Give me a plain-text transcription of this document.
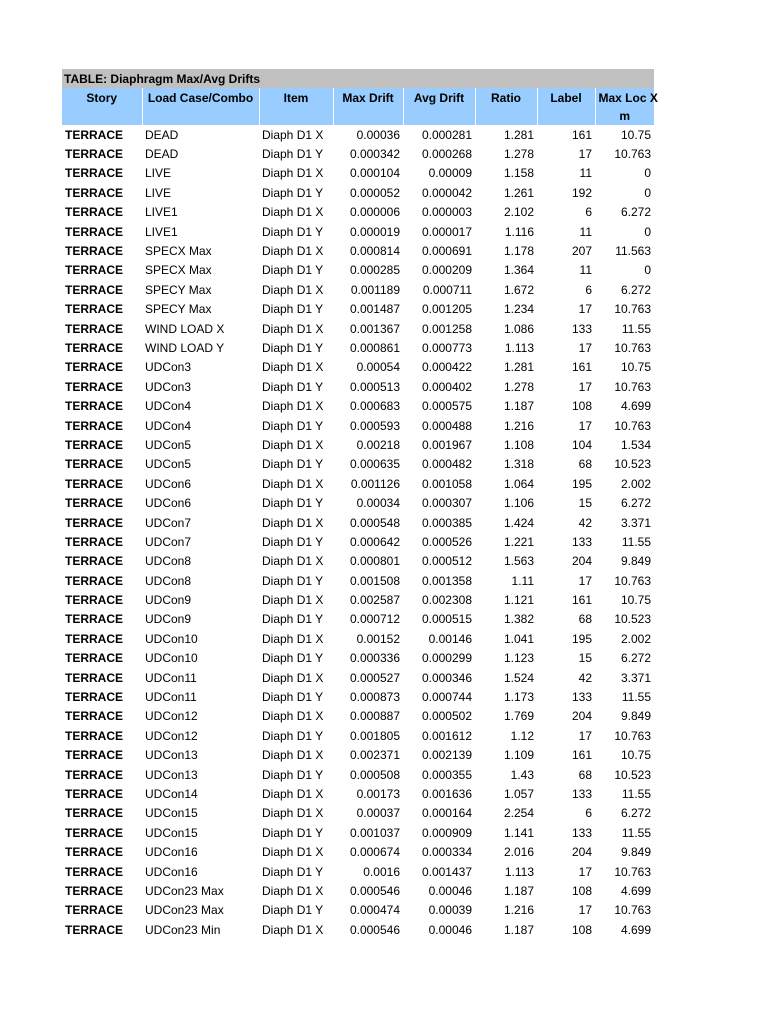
TABLE: Diaphragm Max/Avg Drifts							
Story	Load Case/Combo	Item	Max Drift	Avg Drift	Ratio	Label	Max Loc X
							m
TERRACE	DEAD	Diaph D1 X	0.00036	0.000281	1.281	161	10.75
TERRACE	DEAD	Diaph D1 Y	0.000342	0.000268	1.278	17	10.763
TERRACE	LIVE	Diaph D1 X	0.000104	0.00009	1.158	11	0
TERRACE	LIVE	Diaph D1 Y	0.000052	0.000042	1.261	192	0
TERRACE	LIVE1	Diaph D1 X	0.000006	0.000003	2.102	6	6.272
TERRACE	LIVE1	Diaph D1 Y	0.000019	0.000017	1.116	11	0
TERRACE	SPECX Max	Diaph D1 X	0.000814	0.000691	1.178	207	11.563
TERRACE	SPECX Max	Diaph D1 Y	0.000285	0.000209	1.364	11	0
TERRACE	SPECY Max	Diaph D1 X	0.001189	0.000711	1.672	6	6.272
TERRACE	SPECY Max	Diaph D1 Y	0.001487	0.001205	1.234	17	10.763
TERRACE	WIND LOAD X	Diaph D1 X	0.001367	0.001258	1.086	133	11.55
TERRACE	WIND LOAD Y	Diaph D1 Y	0.000861	0.000773	1.113	17	10.763
TERRACE	UDCon3	Diaph D1 X	0.00054	0.000422	1.281	161	10.75
TERRACE	UDCon3	Diaph D1 Y	0.000513	0.000402	1.278	17	10.763
TERRACE	UDCon4	Diaph D1 X	0.000683	0.000575	1.187	108	4.699
TERRACE	UDCon4	Diaph D1 Y	0.000593	0.000488	1.216	17	10.763
TERRACE	UDCon5	Diaph D1 X	0.00218	0.001967	1.108	104	1.534
TERRACE	UDCon5	Diaph D1 Y	0.000635	0.000482	1.318	68	10.523
TERRACE	UDCon6	Diaph D1 X	0.001126	0.001058	1.064	195	2.002
TERRACE	UDCon6	Diaph D1 Y	0.00034	0.000307	1.106	15	6.272
TERRACE	UDCon7	Diaph D1 X	0.000548	0.000385	1.424	42	3.371
TERRACE	UDCon7	Diaph D1 Y	0.000642	0.000526	1.221	133	11.55
TERRACE	UDCon8	Diaph D1 X	0.000801	0.000512	1.563	204	9.849
TERRACE	UDCon8	Diaph D1 Y	0.001508	0.001358	1.11	17	10.763
TERRACE	UDCon9	Diaph D1 X	0.002587	0.002308	1.121	161	10.75
TERRACE	UDCon9	Diaph D1 Y	0.000712	0.000515	1.382	68	10.523
TERRACE	UDCon10	Diaph D1 X	0.00152	0.00146	1.041	195	2.002
TERRACE	UDCon10	Diaph D1 Y	0.000336	0.000299	1.123	15	6.272
TERRACE	UDCon11	Diaph D1 X	0.000527	0.000346	1.524	42	3.371
TERRACE	UDCon11	Diaph D1 Y	0.000873	0.000744	1.173	133	11.55
TERRACE	UDCon12	Diaph D1 X	0.000887	0.000502	1.769	204	9.849
TERRACE	UDCon12	Diaph D1 Y	0.001805	0.001612	1.12	17	10.763
TERRACE	UDCon13	Diaph D1 X	0.002371	0.002139	1.109	161	10.75
TERRACE	UDCon13	Diaph D1 Y	0.000508	0.000355	1.43	68	10.523
TERRACE	UDCon14	Diaph D1 X	0.00173	0.001636	1.057	133	11.55
TERRACE	UDCon15	Diaph D1 X	0.00037	0.000164	2.254	6	6.272
TERRACE	UDCon15	Diaph D1 Y	0.001037	0.000909	1.141	133	11.55
TERRACE	UDCon16	Diaph D1 X	0.000674	0.000334	2.016	204	9.849
TERRACE	UDCon16	Diaph D1 Y	0.0016	0.001437	1.113	17	10.763
TERRACE	UDCon23 Max	Diaph D1 X	0.000546	0.00046	1.187	108	4.699
TERRACE	UDCon23 Max	Diaph D1 Y	0.000474	0.00039	1.216	17	10.763
TERRACE	UDCon23 Min	Diaph D1 X	0.000546	0.00046	1.187	108	4.699
